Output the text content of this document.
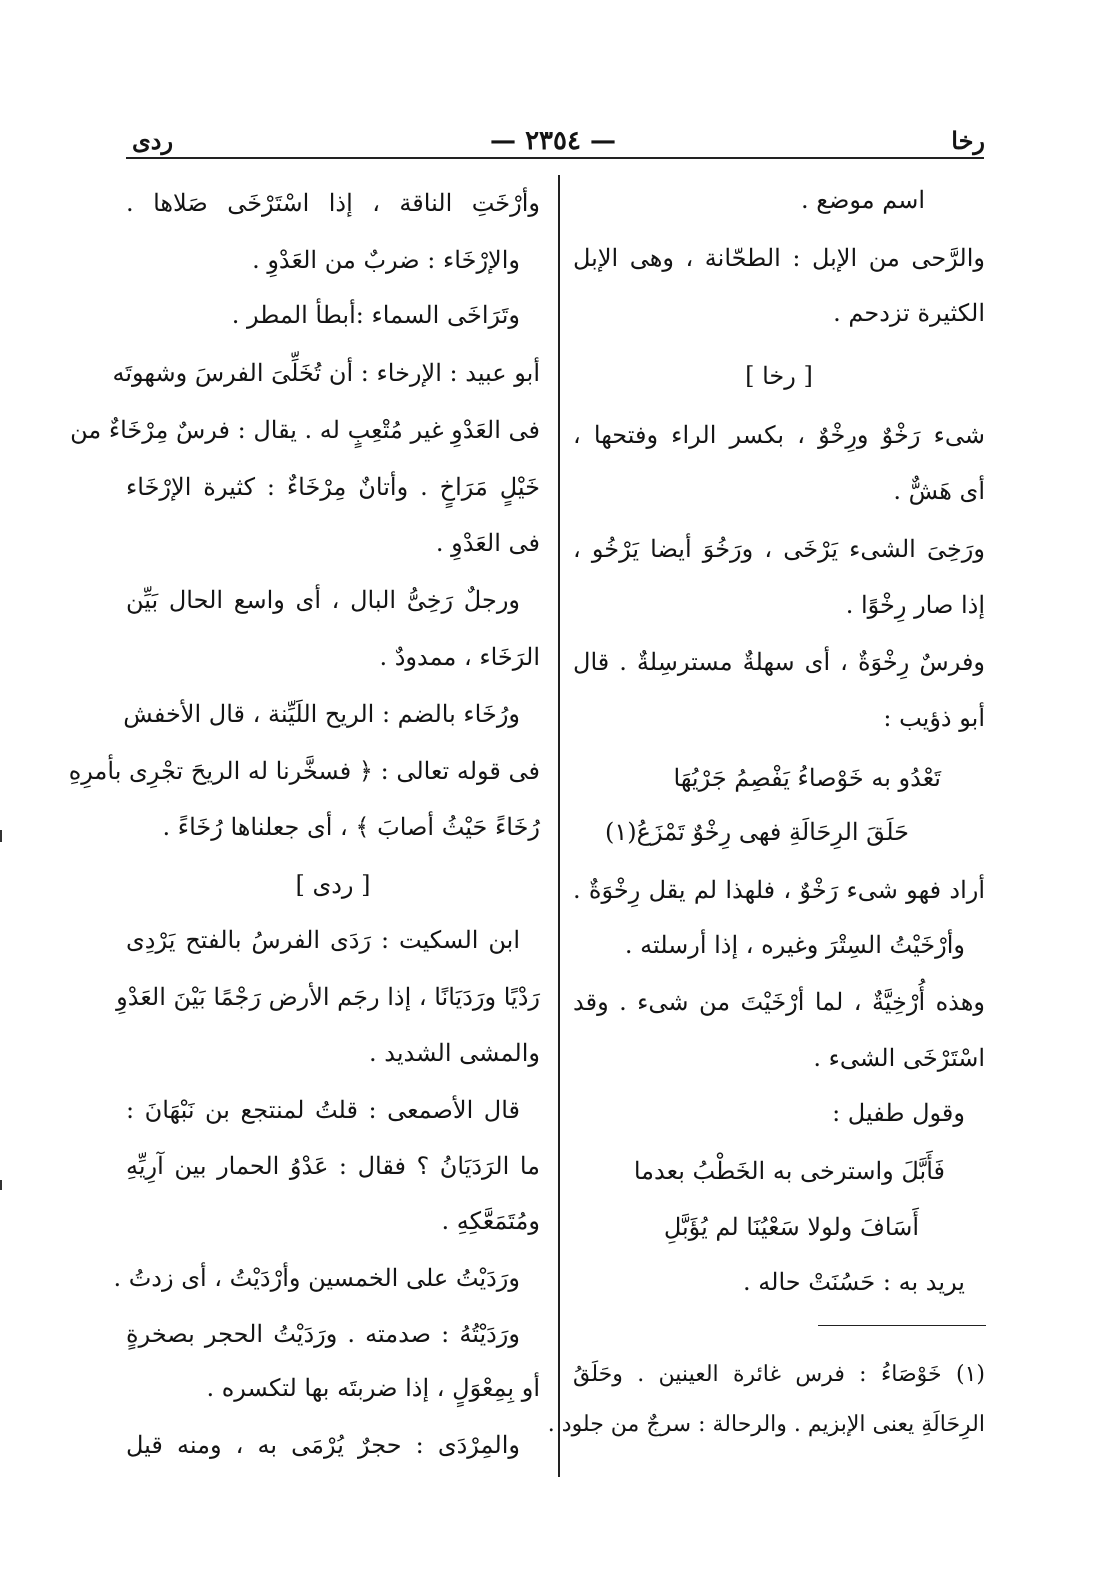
رخا
— ٢٣٥٤ —
ردى
اسم موضع .
والرَّحى من الإبل : الطحّانة ، وهى الإبل
الكثيرة تزدحم .
[ رخا ]
شىء رَخْوٌ ورِخْوٌ ، بكسر الراء وفتحها ،
أى هَشٌّ .
ورَخِىَ الشىء يَرْخَى ، ورَخُوَ أيضا يَرْخُو ،
إذا صار رِخْوًا .
وفرسٌ رِخْوَةٌ ، أى سهلةٌ مسترسِلةٌ . قال
أبو ذؤيب :
تَعْدُو به خَوْصاءُ يَفْصِمُ جَرْيُهَا
حَلَقَ الرِحَالَةِ فهى رِخْوٌ تَمْزَعُ(١)
أراد فهو شىء رَخْوٌ ، فلهذا لم يقل رِخْوَةٌ .
وأرْخَيْتُ السِتْرَ وغيره ، إذا أرسلته .
وهذه أُرْخِيَّةٌ ، لما أرْخَيْتَ من شىء . وقد
اسْتَرْخَى الشىء .
وقول طفيل :
فَأَبَّلَ واسترخى به الخَطْبُ بعدما
أَسَافَ ولولا سَعْيُنَا لم يُؤَبَّلِ
يريد به : حَسُنَتْ حاله .
(١) خَوْصَاءُ : فرس غائرة العينين . وحَلَقُ
الرِحَالَةِ يعنى الإبزيم . والرحالة : سرجٌ من جلود .
وأرْخَتِ الناقة ، إذا اسْتَرْخَى صَلاها .
والإرْخَاء : ضربٌ من العَدْوِ .
وتَرَاخَى السماء :أبطأ المطر .
أبو عبيد : الإرخاء : أن تُخَلِّىَ الفرسَ وشهوتَه
فى العَدْوِ غير مُتْعِبٍ له . يقال : فرسٌ مِرْخَاءٌ من
خَيْلٍ مَرَاخٍ . وأتانٌ مِرْخَاءٌ : كثيرة الإرْخَاء
فى العَدْوِ .
ورجلٌ رَخِىُّ البال ، أى واسع الحال بَيِّن
الرَخَاء ، ممدودٌ .
ورُخَاء بالضم : الريح اللَيِّنة ، قال الأخفش
فى قوله تعالى : ﴿ فسخَّرنا له الريحَ تجْرِى بأمرِهِ
رُخَاءً حَيْثُ أصابَ ﴾ ، أى جعلناها رُخَاءً .
[ ردى ]
ابن السكيت : رَدَى الفرسُ بالفتح يَرْدِى
رَدْيًا ورَدَيَانًا ، إذا رجَم الأرض رَجْمًا بَيْنَ العَدْوِ
والمشى الشديد .
قال الأصمعى : قلتُ لمنتجع بن نَبْهَانَ :
ما الرَدَيَانُ ؟ فقال : عَدْوُ الحمار بين آرِيِّهِ
ومُتَمَعَّكِهِ .
ورَدَيْتُ على الخمسين وأرْدَيْتُ ، أى زدتُ .
ورَدَيْتُهُ : صدمته . ورَدَيْتُ الحجر بصخرةٍ
أو بِمِعْوَلٍ ، إذا ضربتَه بها لتكسره .
والمِرْدَى : حجرٌ يُرْمَى به ، ومنه قيل
